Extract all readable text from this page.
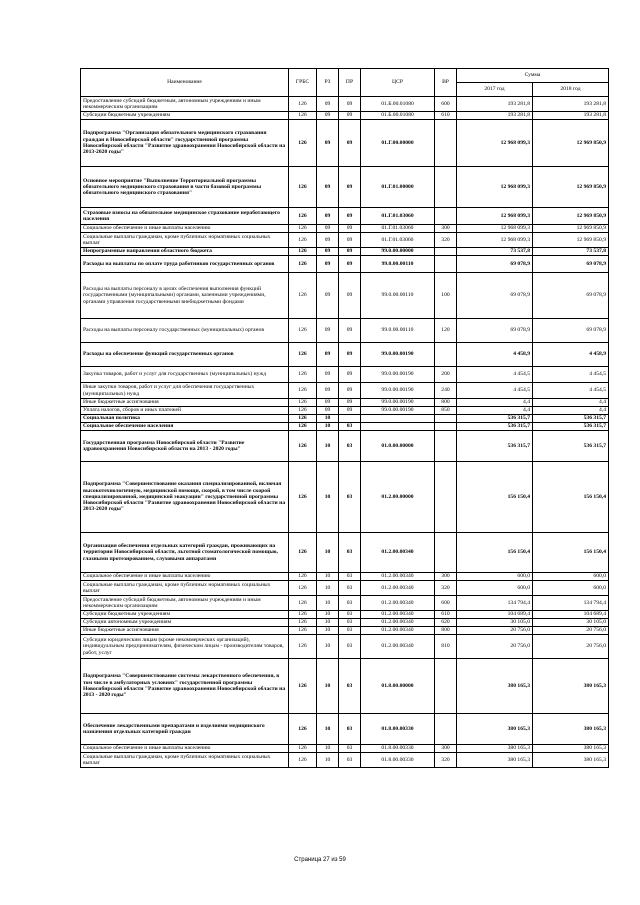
Наименование	ГРБС	РЗ	ПР	ЦСР	ВР	Сумма	
						2017 год	2018 год
Предоставление субсидий бюджетным, автономным учреждениям и иным некоммерческим организациям	126	09	09	01.Б.00.01080	600	193 281,8	193 281,8
Субсидии бюджетным учреждениям	126	09	09	01.Б.00.01080	610	193 281,8	193 281,8
Подпрограмма "Организация обязательного медицинского страхования граждан в Новосибирской области" государственной программы Новосибирской области "Развитие здравоохранения Новосибирской области на 2013-2020 годы"	126	09	09	01.Г.00.00000		12 968 099,3	12 969 850,9
Основное мероприятие "Выполнение Территориальной программы обязательного медицинского страхования в части базовой программы обязательного медицинского страхования"	126	09	09	01.Г.01.00000		12 968 099,3	12 969 850,9
Страховые взносы на обязательное медицинское страхование неработающего населения	126	09	09	01.Г.01.03060		12 968 099,3	12 969 850,9
Социальное обеспечение и иные выплаты населению	126	09	09	01.Г.01.03060	300	12 968 099,3	12 969 850,9
Социальные выплаты гражданам, кроме публичных нормативных социальных выплат	126	09	09	01.Г.01.03060	320	12 968 099,3	12 969 850,9
Непрограммные направления областного бюджета	126	09	09	99.0.00.00000		73 537,8	73 537,8
Расходы на выплаты по оплате труда работников государственных органов	126	09	09	99.0.00.00110		69 078,9	69 078,9
Расходы на выплаты персоналу в целях обеспечения выполнения функций государственными (муниципальными) органами, казенными учреждениями, органами управления государственными внебюджетными фондами	126	09	09	99.0.00.00110	100	69 078,9	69 078,9
Расходы на выплаты персоналу государственных (муниципальных) органов	126	09	09	99.0.00.00110	120	69 078,9	69 078,9
Расходы на обеспечение функций государственных органов	126	09	09	99.0.00.00190		4 458,9	4 458,9
Закупка товаров, работ и услуг для государственных (муниципальных) нужд	126	09	09	99.0.00.00190	200	4 454,5	4 454,5
Иные закупки товаров, работ и услуг для обеспечения государственных (муниципальных) нужд	126	09	09	99.0.00.00190	240	4 454,5	4 454,5
Иные бюджетные ассигнования	126	09	09	99.0.00.00190	800	4,4	4,4
Уплата налогов, сборов и иных платежей	126	09	09	99.0.00.00190	850	4,4	4,4
Социальная политика	126	10				536 315,7	536 315,7
Социальное обеспечение населения	126	10	03			536 315,7	536 315,7
Государственная программа Новосибирской области "Развитие здравоохранения Новосибирской области на 2013 - 2020 годы"	126	10	03	01.0.00.00000		536 315,7	536 315,7
Подпрограмма "Совершенствование оказания специализированной, включая высокотехнологичную, медицинской помощи, скорой, в том числе скорой специализированной, медицинской эвакуации" государственной программы Новосибирской области "Развитие здравоохранения Новосибирской области на 2013-2020 годы"	126	10	03	01.2.00.00000		156 150,4	156 150,4
Организация обеспечения отдельных категорий граждан, проживающих на территории Новосибирской области, льготной стоматологической помощью, глазными протезированием, слуховыми аппаратами	126	10	03	01.2.00.00340		156 150,4	156 150,4
Социальное обеспечение и иные выплаты населению	126	10	03	01.2.00.00340	300	600,0	600,0
Социальные выплаты гражданам, кроме публичных нормативных социальных выплат	126	10	03	01.2.00.00340	320	600,0	600,0
Предоставление субсидий бюджетным, автономным учреждениям и иным некоммерческим организациям	126	10	03	01.2.00.00340	600	134 794,4	134 794,4
Субсидии бюджетным учреждениям	126	10	03	01.2.00.00340	610	104 689,4	104 689,4
Субсидии автономным учреждениям	126	10	03	01.2.00.00340	620	30 105,0	30 105,0
Иные бюджетные ассигнования	126	10	03	01.2.00.00340	800	20 756,0	20 756,0
Субсидии юридическим лицам (кроме некоммерческих организаций), индивидуальным предпринимателям, физическим лицам - производителям товаров, работ, услуг	126	10	03	01.2.00.00340	810	20 756,0	20 756,0
Подпрограмма "Совершенствование системы лекарственного обеспечения, в том числе в амбулаторных условиях" государственной программы Новосибирской области "Развитие здравоохранения Новосибирской области на 2013 - 2020 годы"	126	10	03	01.8.00.00000		380 165,3	380 165,3
Обеспечение лекарственными препаратами и изделиями медицинского назначения отдельных категорий граждан	126	10	03	01.8.00.00330		380 165,3	380 165,3
Социальное обеспечение и иные выплаты населению	126	10	03	01.8.00.00330	300	380 165,3	380 165,3
Социальные выплаты гражданам, кроме публичных нормативных социальных выплат	126	10	03	01.8.00.00330	320	380 165,3	380 165,3
Страница 27 из 59
